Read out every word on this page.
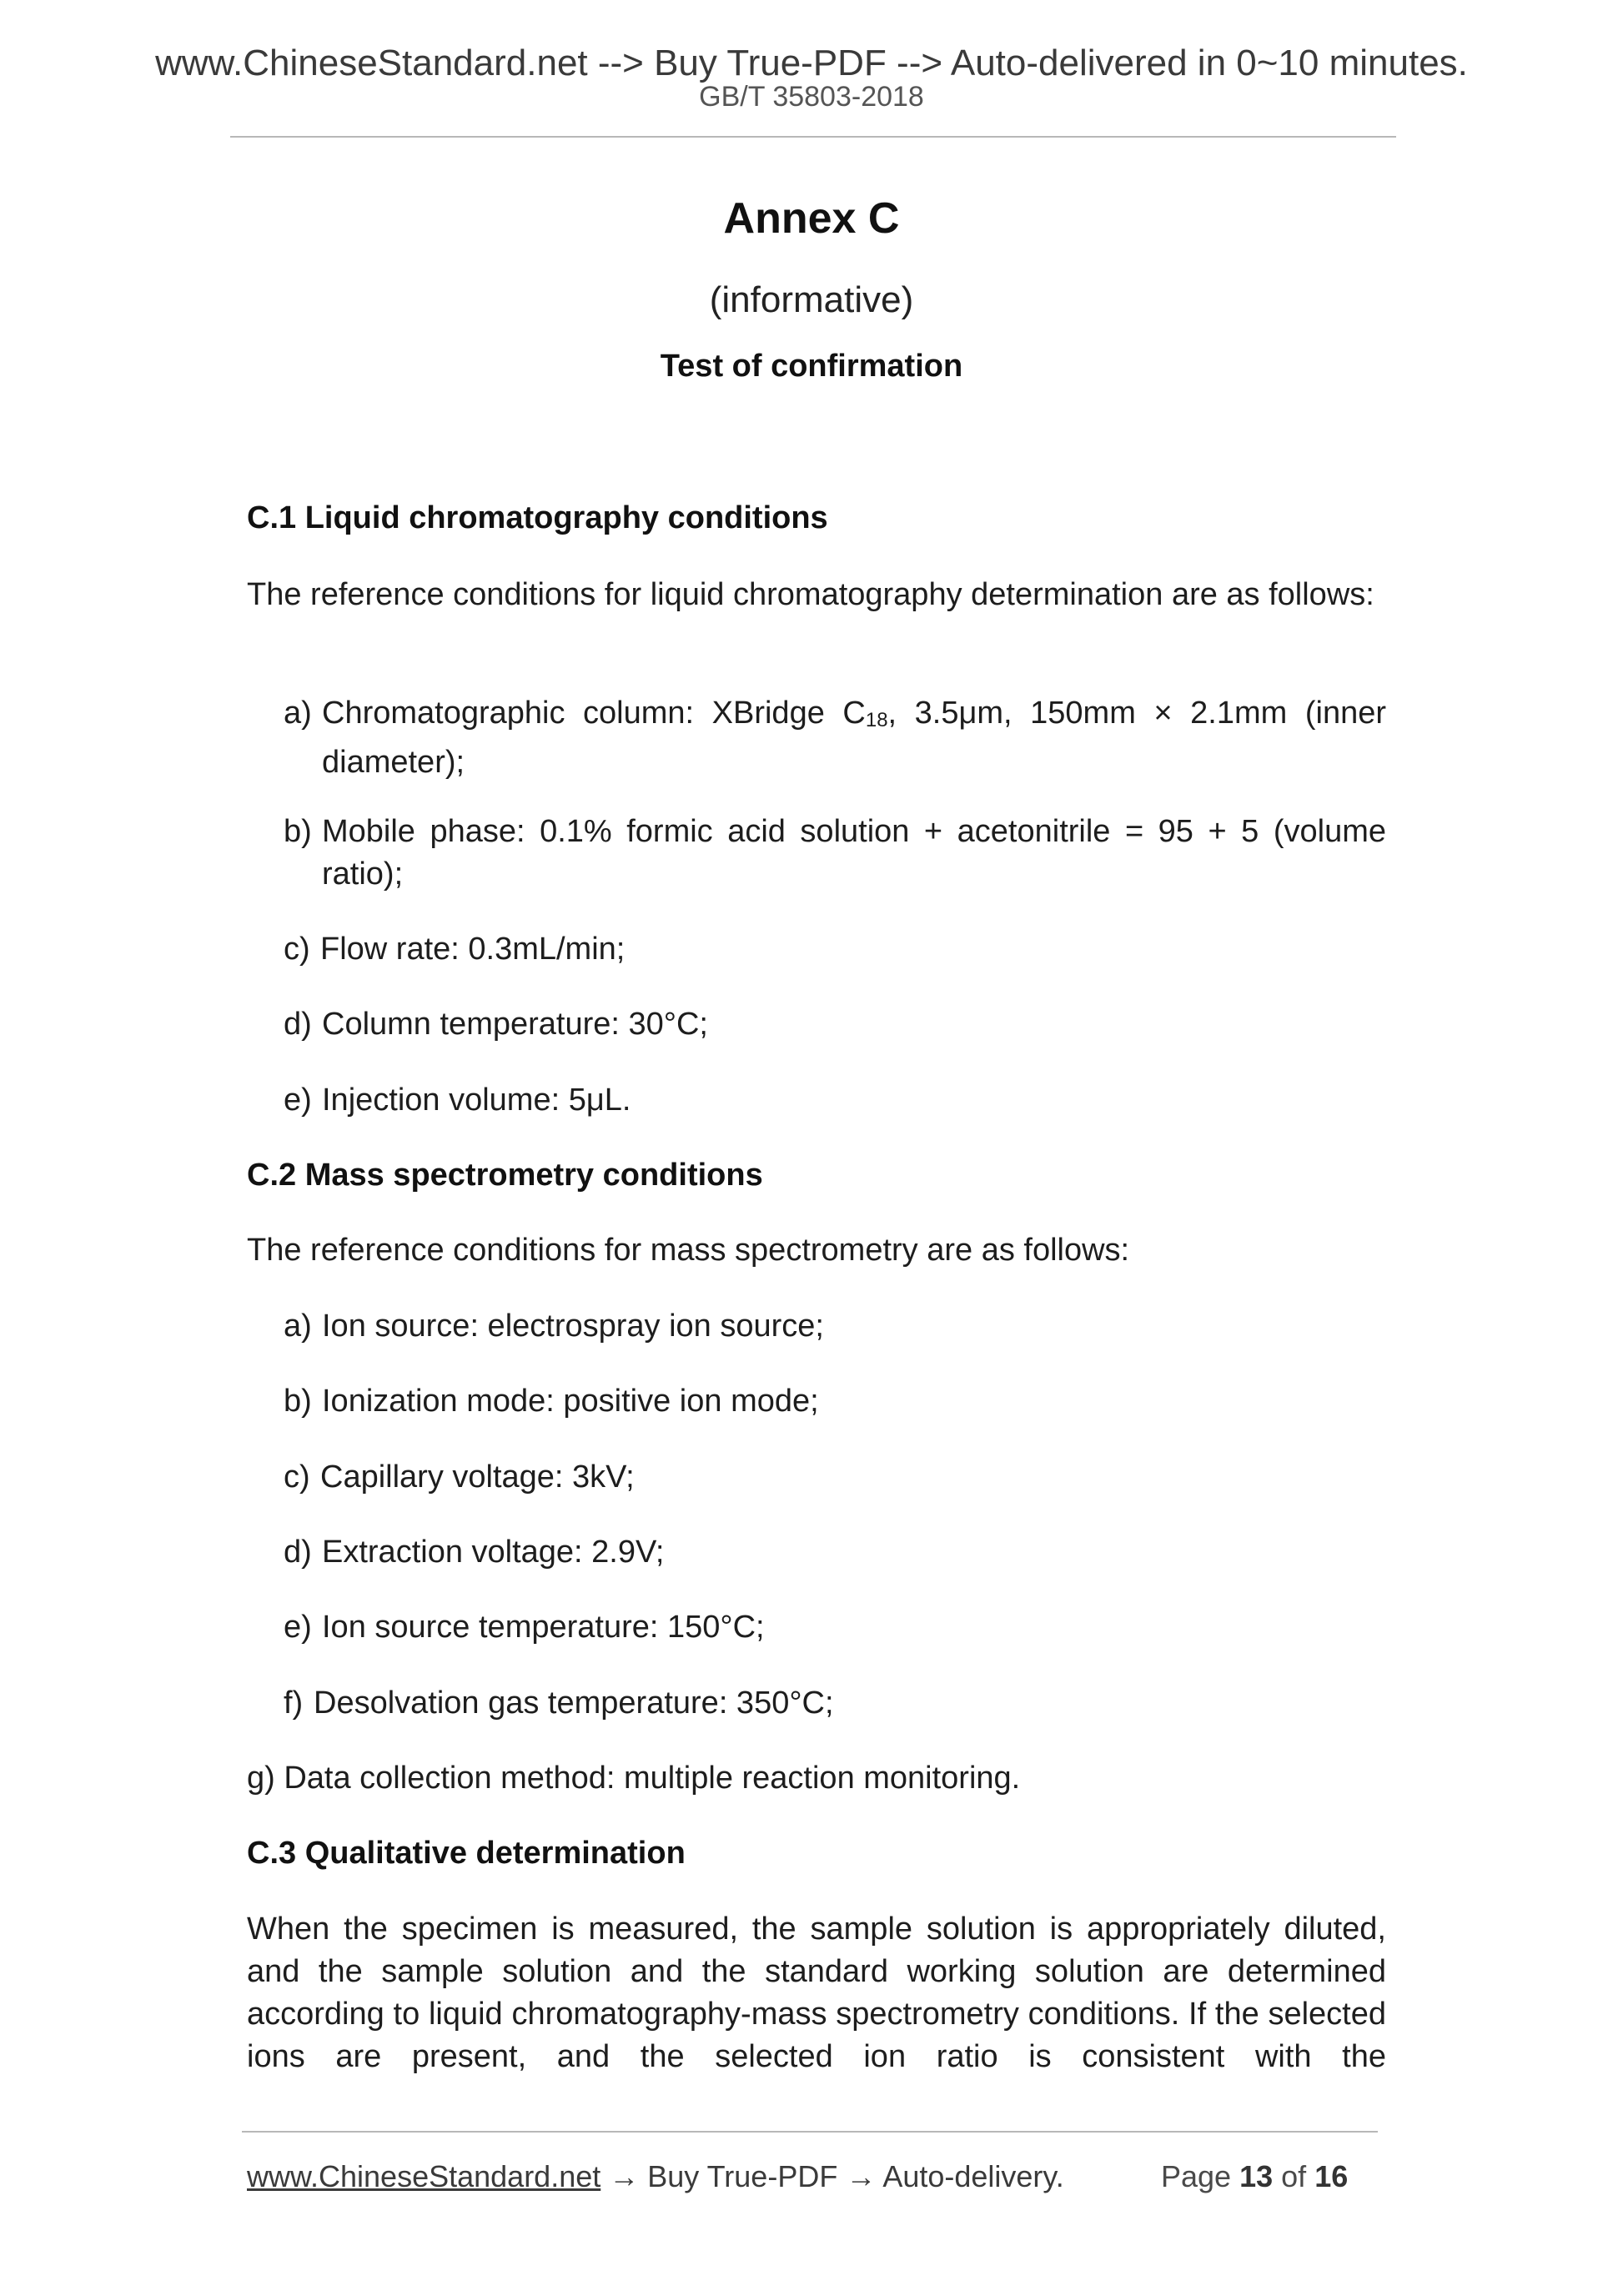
www.ChineseStandard.net --> Buy True-PDF --> Auto-delivered in 0~10 minutes.
GB/T 35803-2018
Annex C
(informative)
Test of confirmation
C.1 Liquid chromatography conditions
The reference conditions for liquid chromatography determination are as follows:
a) Chromatographic column: XBridge C18, 3.5μm, 150mm × 2.1mm (inner diameter);
b) Mobile phase: 0.1% formic acid solution + acetonitrile = 95 + 5 (volume ratio);
c) Flow rate: 0.3mL/min;
d) Column temperature: 30°C;
e) Injection volume: 5μL.
C.2 Mass spectrometry conditions
The reference conditions for mass spectrometry are as follows:
a) Ion source: electrospray ion source;
b) Ionization mode: positive ion mode;
c) Capillary voltage: 3kV;
d) Extraction voltage: 2.9V;
e) Ion source temperature: 150°C;
f) Desolvation gas temperature: 350°C;
g) Data collection method: multiple reaction monitoring.
C.3 Qualitative determination
When the specimen is measured, the sample solution is appropriately diluted, and the sample solution and the standard working solution are determined according to liquid chromatography-mass spectrometry conditions. If the selected ions are present, and the selected ion ratio is consistent with the
www.ChineseStandard.net → Buy True-PDF → Auto-delivery.	Page 13 of 16
